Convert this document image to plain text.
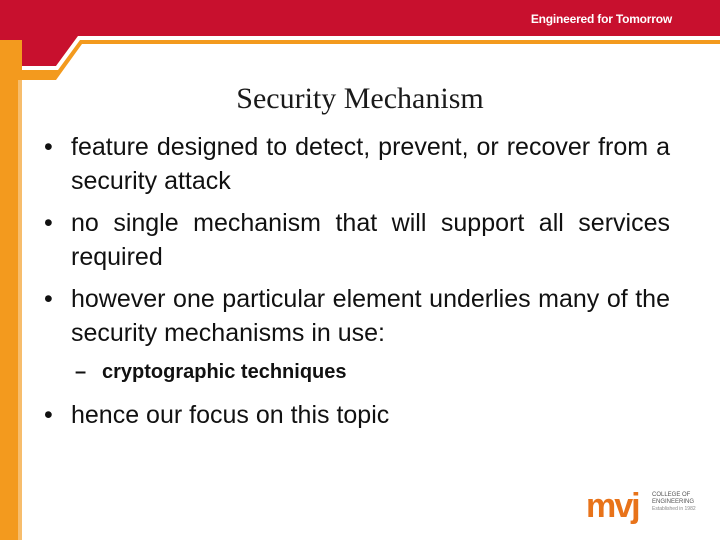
Engineered for Tomorrow
Security Mechanism
• feature designed to detect, prevent, or recover from a security attack
• no single mechanism that will support all services required
• however one particular element underlies many of the security mechanisms in use:
– cryptographic techniques
• hence our focus on this topic
mvj COLLEGE OF
ENGINEERING
Established in 1982
